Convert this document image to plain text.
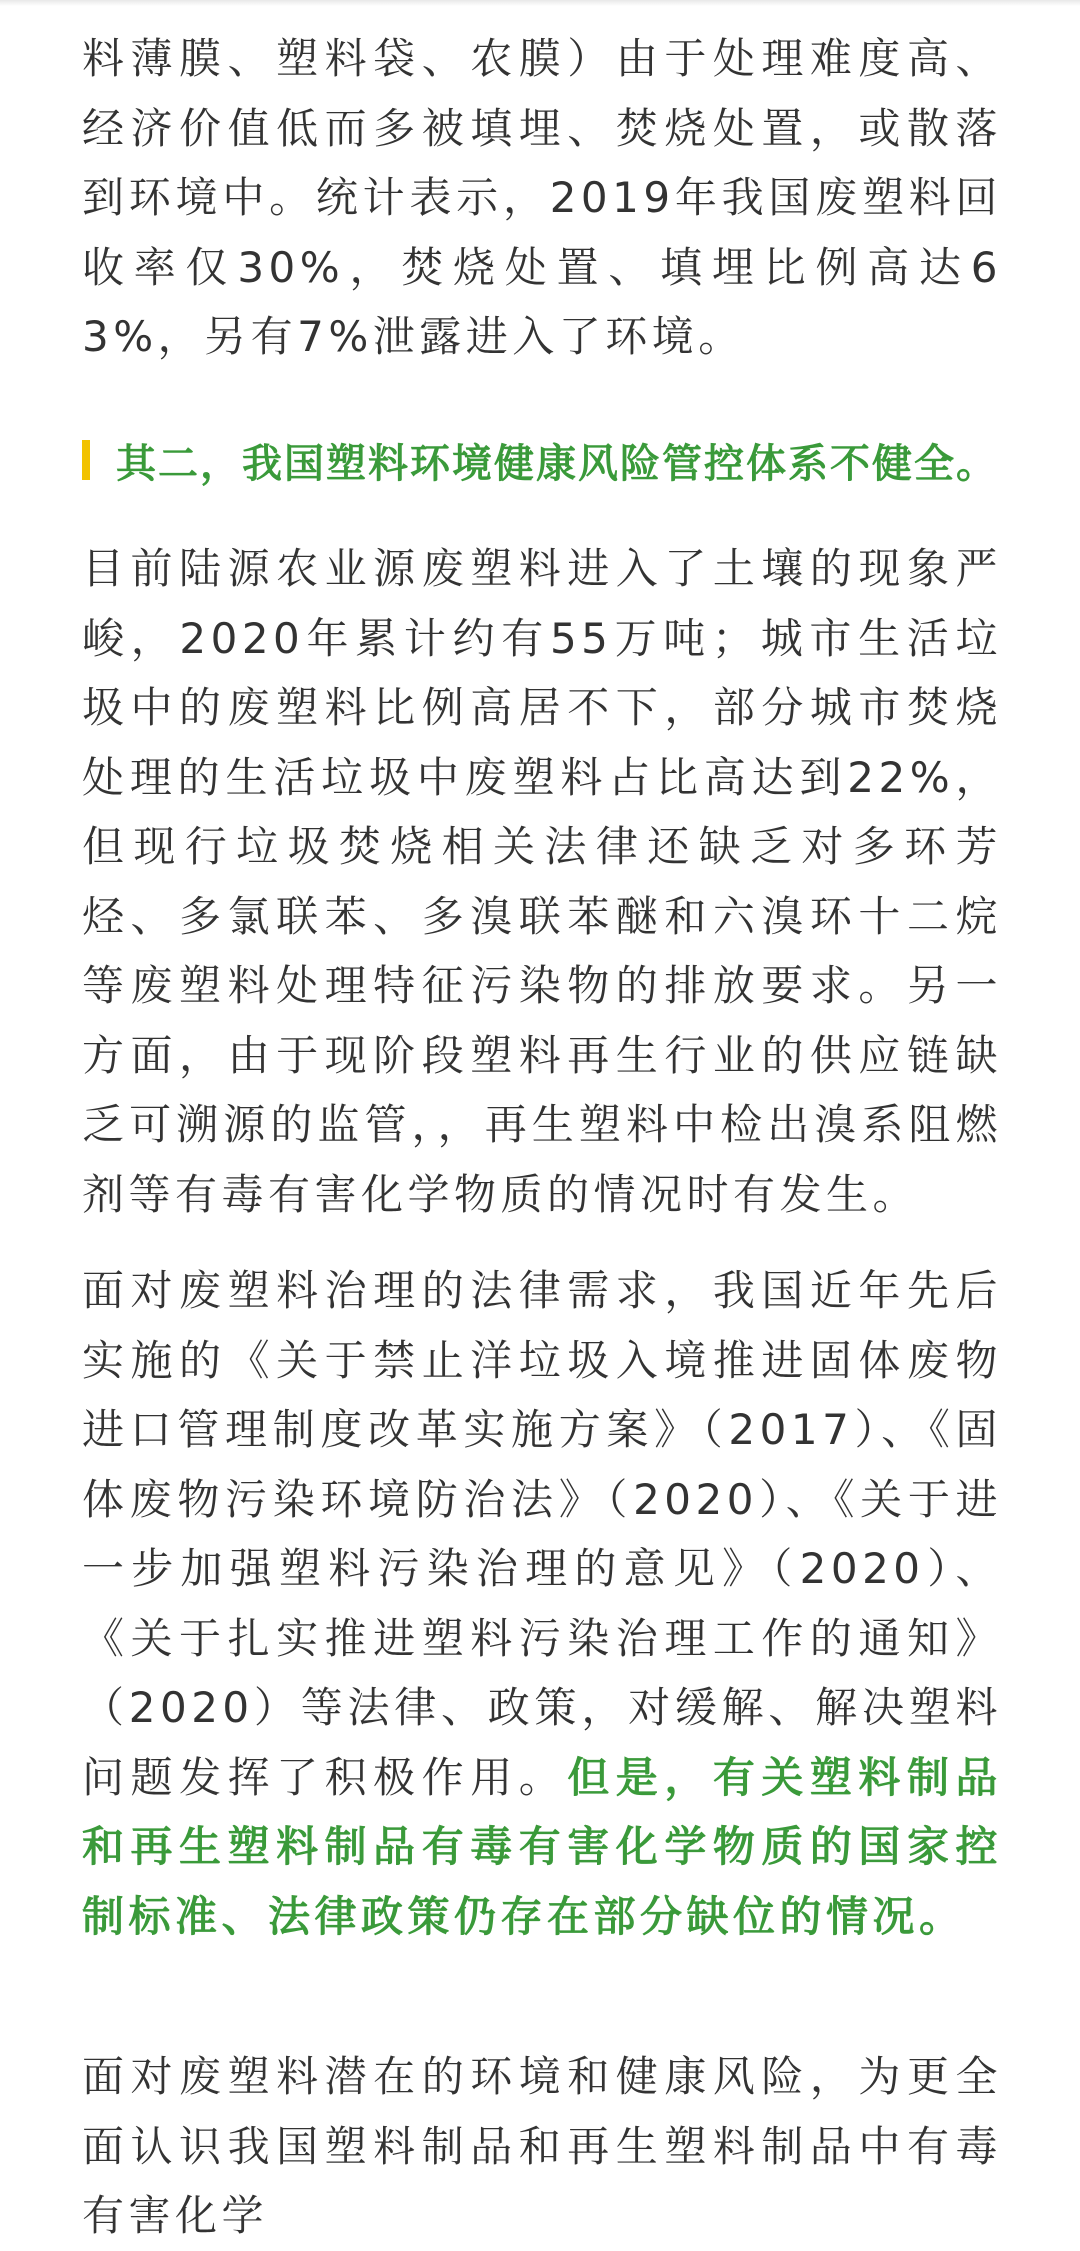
料薄膜、塑料袋、农膜）由于处理难度高、经济价值低而多被填埋、焚烧处置，或散落到环境中。统计表示，2019年我国废塑料回收率仅30%，焚烧处置、填埋比例高达63%，另有7%泄露进入了环境。

其二，我国塑料环境健康风险管控体系不健全。

目前陆源农业源废塑料进入了土壤的现象严峻，2020年累计约有55万吨；城市生活垃圾中的废塑料比例高居不下，部分城市焚烧处理的生活垃圾中废塑料占比高达到22%，但现行垃圾焚烧相关法律还缺乏对多环芳烃、多氯联苯、多溴联苯醚和六溴环十二烷等废塑料处理特征污染物的排放要求。另一方面，由于现阶段塑料再生行业的供应链缺乏可溯源的监管，，再生塑料中检出溴系阻燃剂等有毒有害化学物质的情况时有发生。

面对废塑料治理的法律需求，我国近年先后实施的《关于禁止洋垃圾入境推进固体废物进口管理制度改革实施方案》（2017）、《固体废物污染环境防治法》（2020）、《关于进一步加强塑料污染治理的意见》（2020）、《关于扎实推进塑料污染治理工作的通知》（2020）等法律、政策，对缓解、解决塑料问题发挥了积极作用。但是，有关塑料制品和再生塑料制品有毒有害化学物质的国家控制标准、法律政策仍存在部分缺位的情况。

面对废塑料潜在的环境和健康风险，为更全面认识我国塑料制品和再生塑料制品中有毒有害化学
